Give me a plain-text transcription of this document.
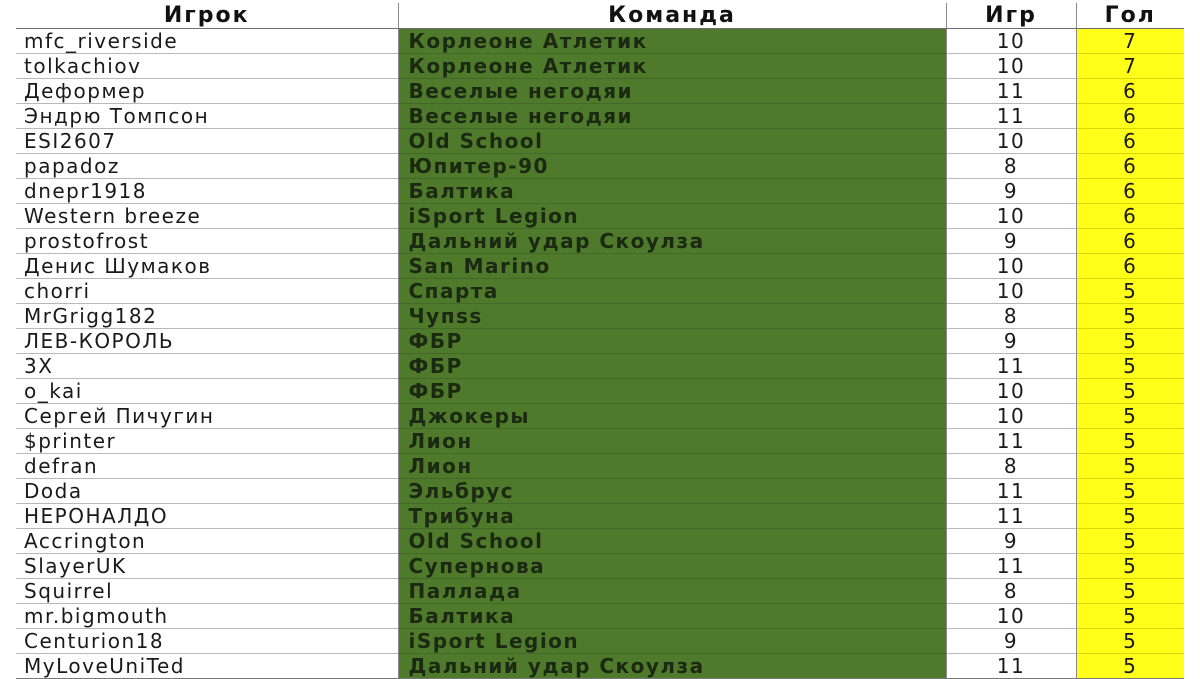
Игрок	Команда	Игр	Гол
mfc_riverside	Корлеоне Атлетик	10	7
tolkachiov	Корлеоне Атлетик	10	7
Деформер	Веселые негодяи	11	6
Эндрю Томпсон	Веселые негодяи	11	6
ESI2607	Old School	10	6
papadoz	Юпитер-90	8	6
dnepr1918	Балтика	9	6
Western breeze	iSport Legion	10	6
prostofrost	Дальний удар Скоулза	9	6
Денис Шумаков	San Marino	10	6
chorri	Спарта	10	5
MrGrigg182	Чупss	8	5
ЛЕВ-КОРОЛЬ	ФБР	9	5
3X	ФБР	11	5
o_kai	ФБР	10	5
Сергей Пичугин	Джокеры	10	5
$printer	Лион	11	5
defran	Лион	8	5
Doda	Эльбрус	11	5
НЕРОНАЛДО	Трибуна	11	5
Accrington	Old School	9	5
SlayerUK	Супернова	11	5
Squirrel	Паллада	8	5
mr.bigmouth	Балтика	10	5
Centurion18	iSport Legion	9	5
MyLoveUniTed	Дальний удар Скоулза	11	5
